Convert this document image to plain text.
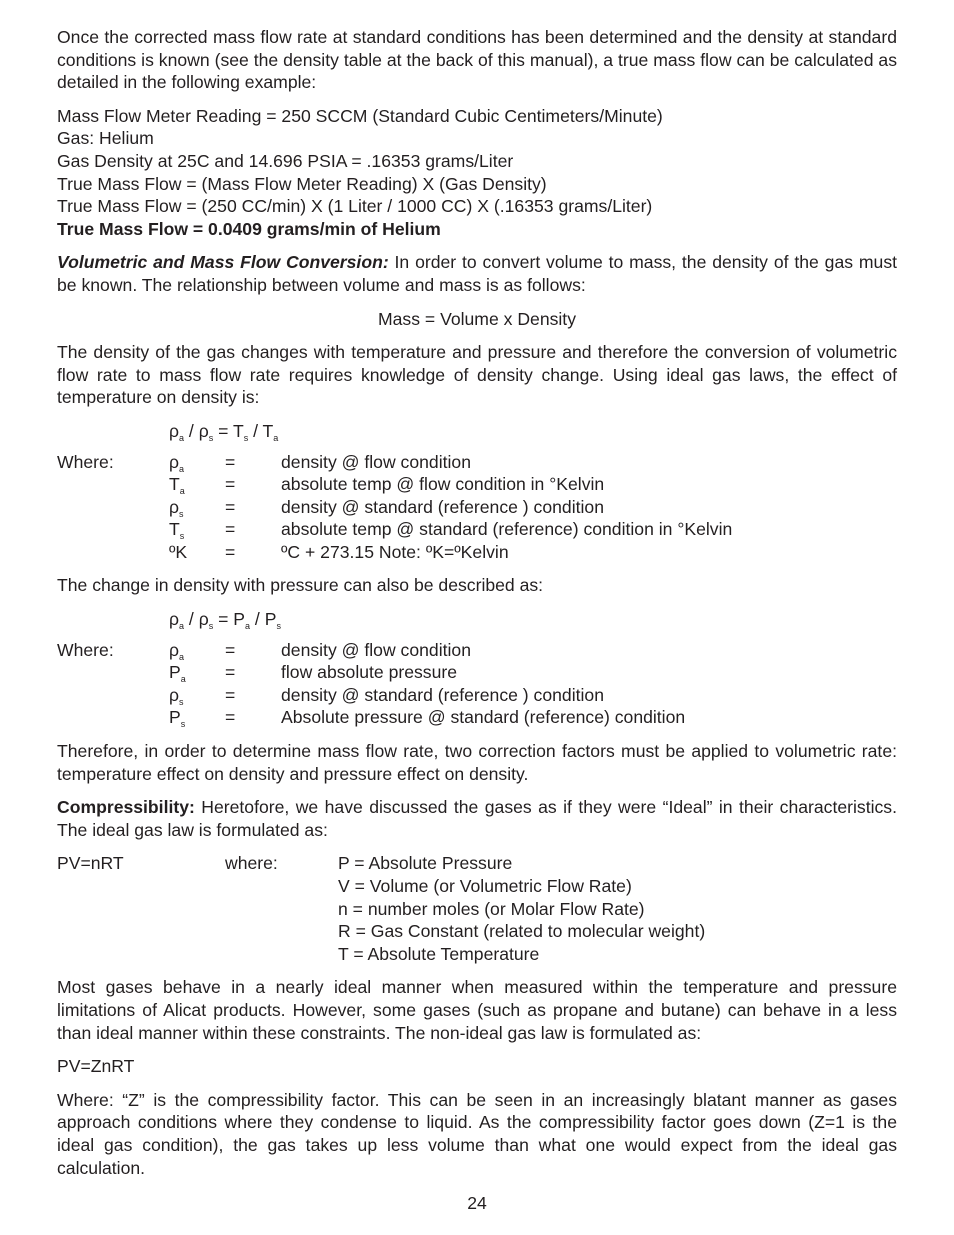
Once the corrected mass flow rate at standard conditions has been determined and the density at standard conditions is known (see the density table at the back of this manual), a true mass flow can be calculated as detailed in the following example:

Mass Flow Meter Reading = 250 SCCM (Standard Cubic Centimeters/Minute)
Gas: Helium
Gas Density at 25C and 14.696 PSIA = .16353 grams/Liter
True Mass Flow = (Mass Flow Meter Reading) X (Gas Density)
True Mass Flow = (250 CC/min) X (1 Liter / 1000 CC) X (.16353 grams/Liter)
True Mass Flow = 0.0409 grams/min of Helium

Volumetric and Mass Flow Conversion: In order to convert volume to mass, the density of the gas must be known. The relationship between volume and mass is as follows:

Mass = Volume x Density

The density of the gas changes with temperature and pressure and therefore the conversion of volumetric flow rate to mass flow rate requires knowledge of density change. Using ideal gas laws, the effect of temperature on density is:

$\rho_a / \rho_s = T_s / T_a$
Where:	$\rho_a$ =	density @ flow condition
$T_a$ =	absolute temp @ flow condition in °Kelvin
$\rho_s$ =	density @ standard (reference ) condition
$T_s$ =	absolute temp @ standard (reference) condition in °Kelvin
ºK =	ºC + 273.15 Note: ºK=ºKelvin

The change in density with pressure can also be described as:

$\rho_a / \rho_s = P_a / P_s$
Where:	$\rho_a$ =	density @ flow condition
$P_a$ =	flow absolute pressure
$\rho_s$ =	density @ standard (reference ) condition
$P_s$ =	Absolute pressure @ standard (reference) condition

Therefore, in order to determine mass flow rate, two correction factors must be applied to volumetric rate: temperature effect on density and pressure effect on density.

Compressibility: Heretofore, we have discussed the gases as if they were “Ideal” in their characteristics. The ideal gas law is formulated as:

PV=nRT	where:	P = Absolute Pressure
V = Volume (or Volumetric Flow Rate)
n = number moles (or Molar Flow Rate)
R = Gas Constant (related to molecular weight)
T = Absolute Temperature

Most gases behave in a nearly ideal manner when measured within the temperature and pressure limitations of Alicat products. However, some gases (such as propane and butane) can behave in a less than ideal manner within these constraints. The non-ideal gas law is formulated as:

PV=ZnRT

Where: “Z” is the compressibility factor. This can be seen in an increasingly blatant manner as gases approach conditions where they condense to liquid. As the compressibility factor goes down (Z=1 is the ideal gas condition), the gas takes up less volume than what one would expect from the ideal gas calculation.

24
